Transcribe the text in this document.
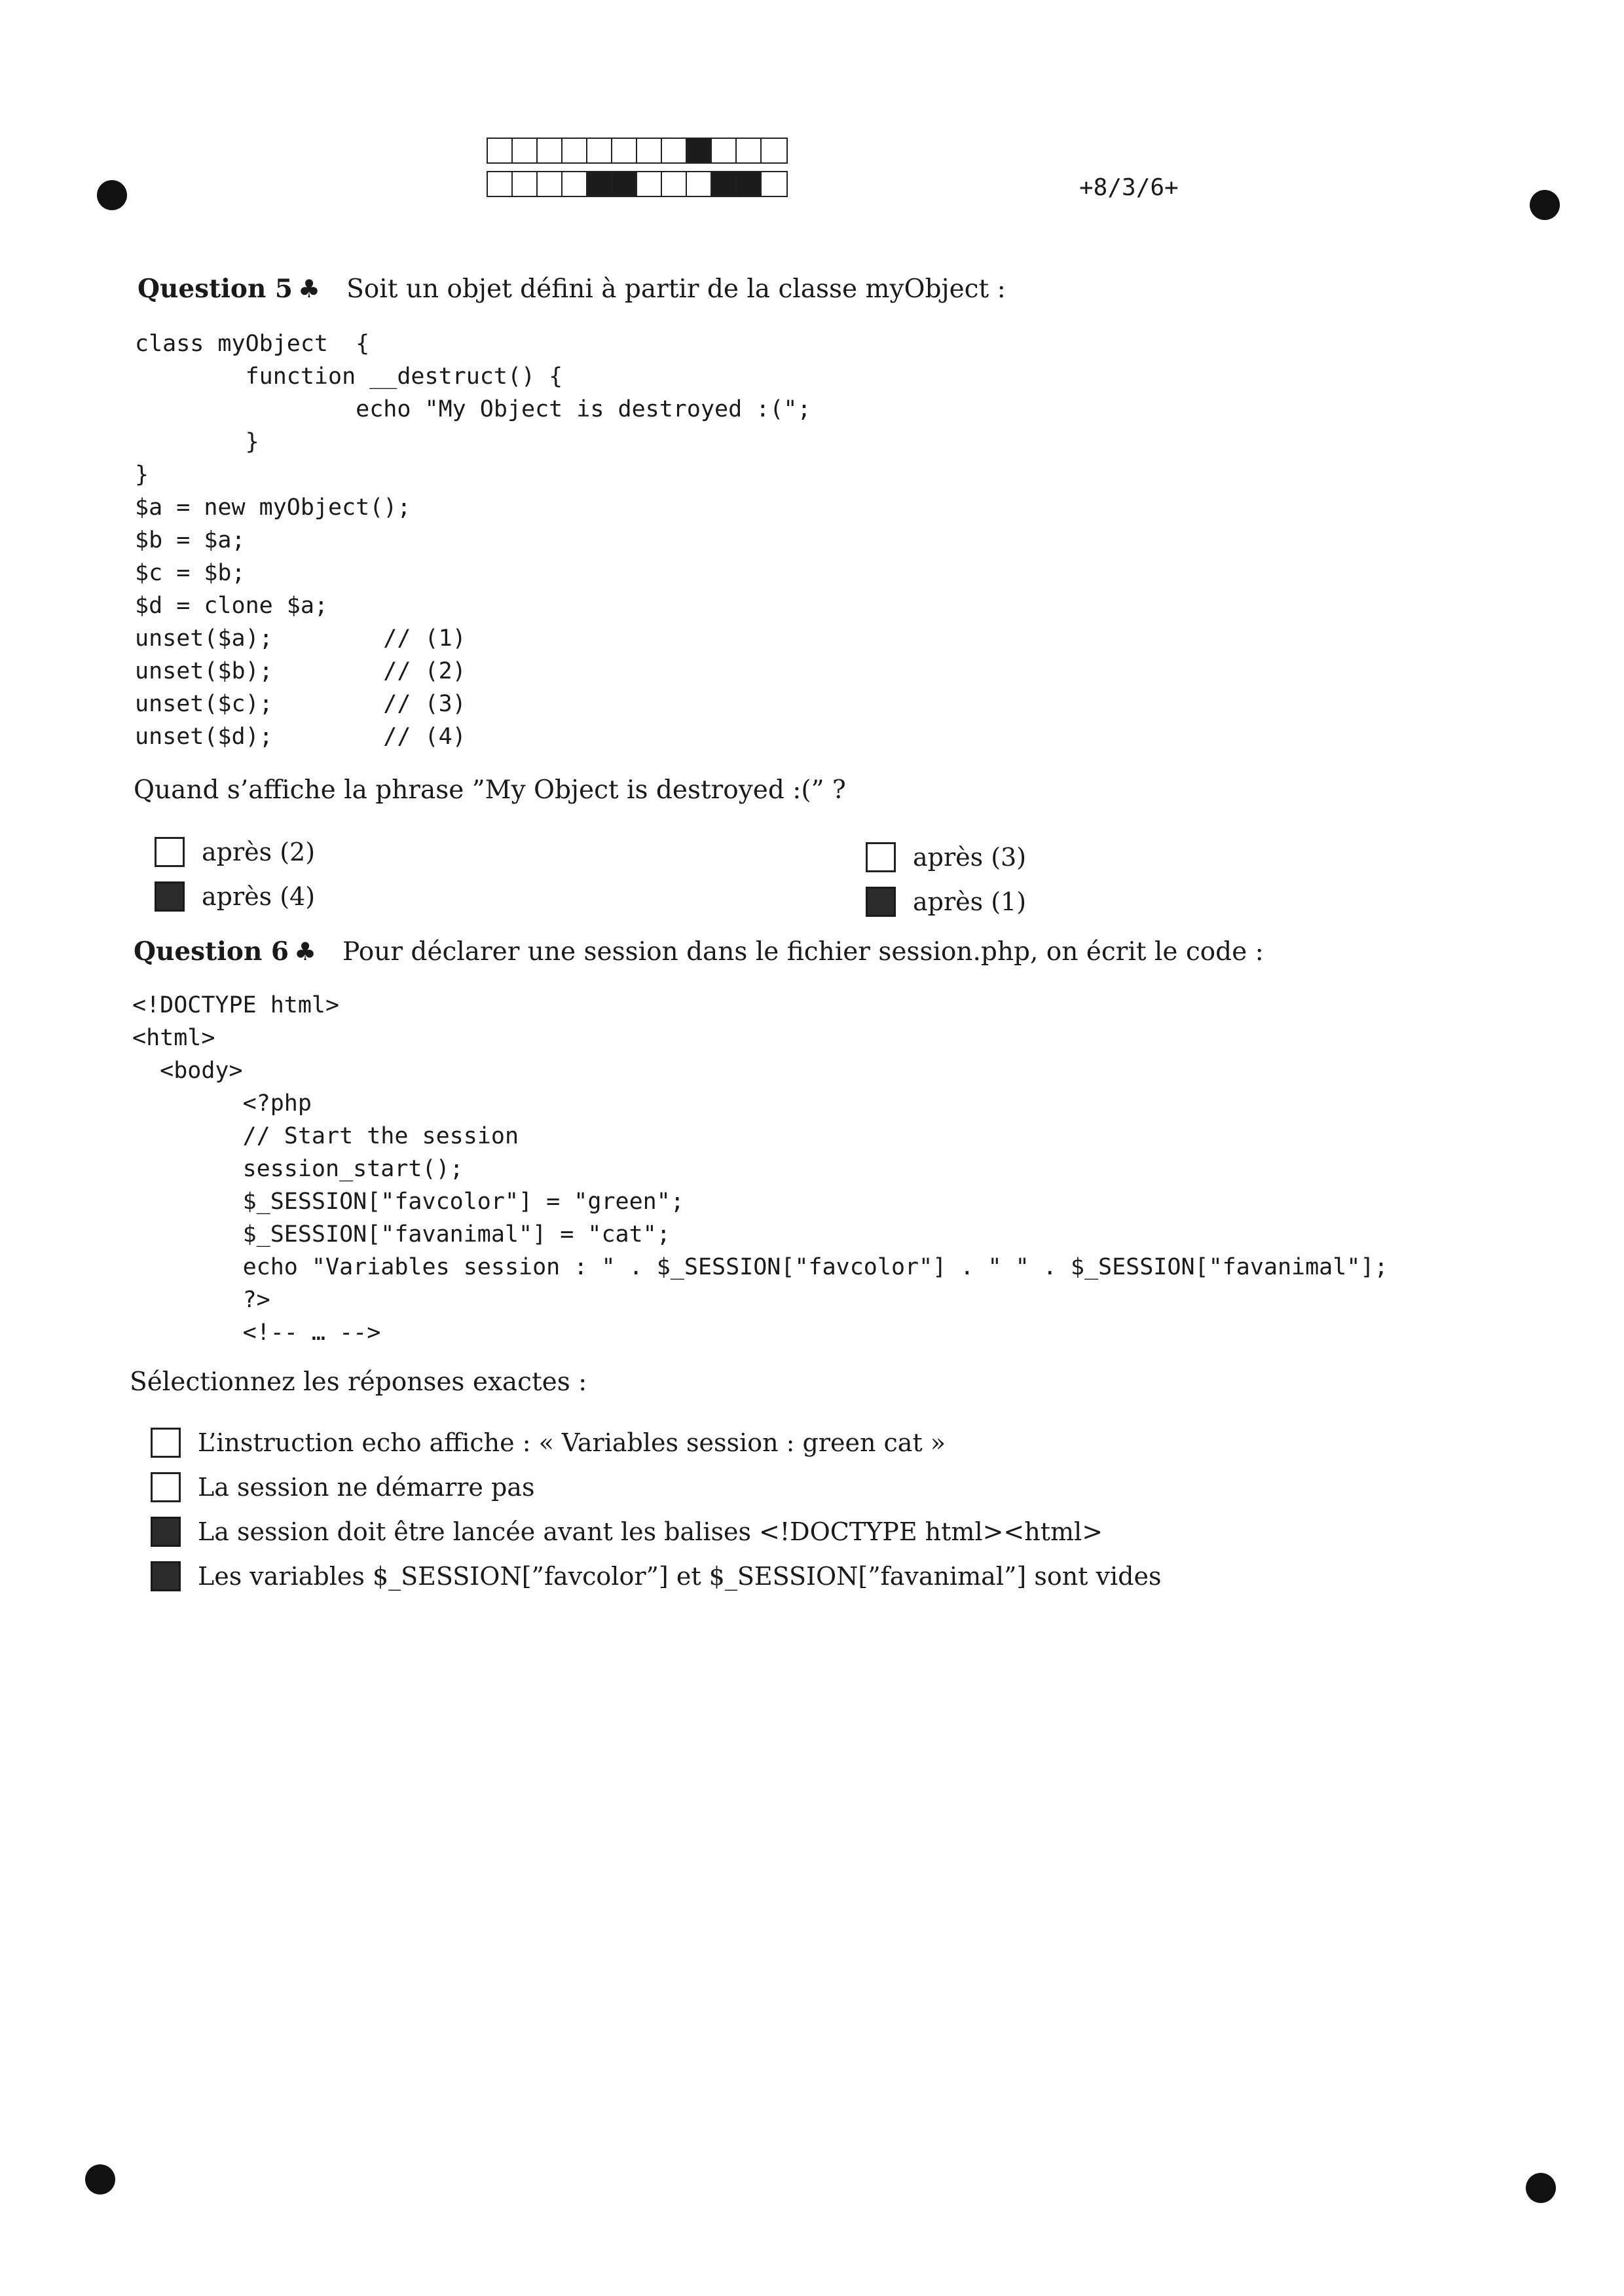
+8/3/6+
Question 5 ♣ Soit un objet défini à partir de la classe myObject :
class myObject  {
function __destruct() {
echo "My Object is destroyed :(";
}
}
$a = new myObject();
$b = $a;
$c = $b;
$d = clone $a;
unset($a);        // (1)
unset($b);        // (2)
unset($c);        // (3)
unset($d);        // (4)
Quand s’affiche la phrase ”My Object is destroyed :(” ?
après (2)	après (3)
après (4)	après (1)
Question 6 ♣ Pour déclarer une session dans le fichier session.php, on écrit le code :
<!DOCTYPE html>
<html>
<body>
<?php
// Start the session
session_start();
$_SESSION["favcolor"] = "green";
$_SESSION["favanimal"] = "cat";
echo "Variables session : " . $_SESSION["favcolor"] . " " . $_SESSION["favanimal"];
?>
<!-- … -->
Sélectionnez les réponses exactes :
L’instruction echo affiche : « Variables session : green cat »
La session ne démarre pas
La session doit être lancée avant les balises <!DOCTYPE html><html>
Les variables $_SESSION[”favcolor”] et $_SESSION[”favanimal”] sont vides
